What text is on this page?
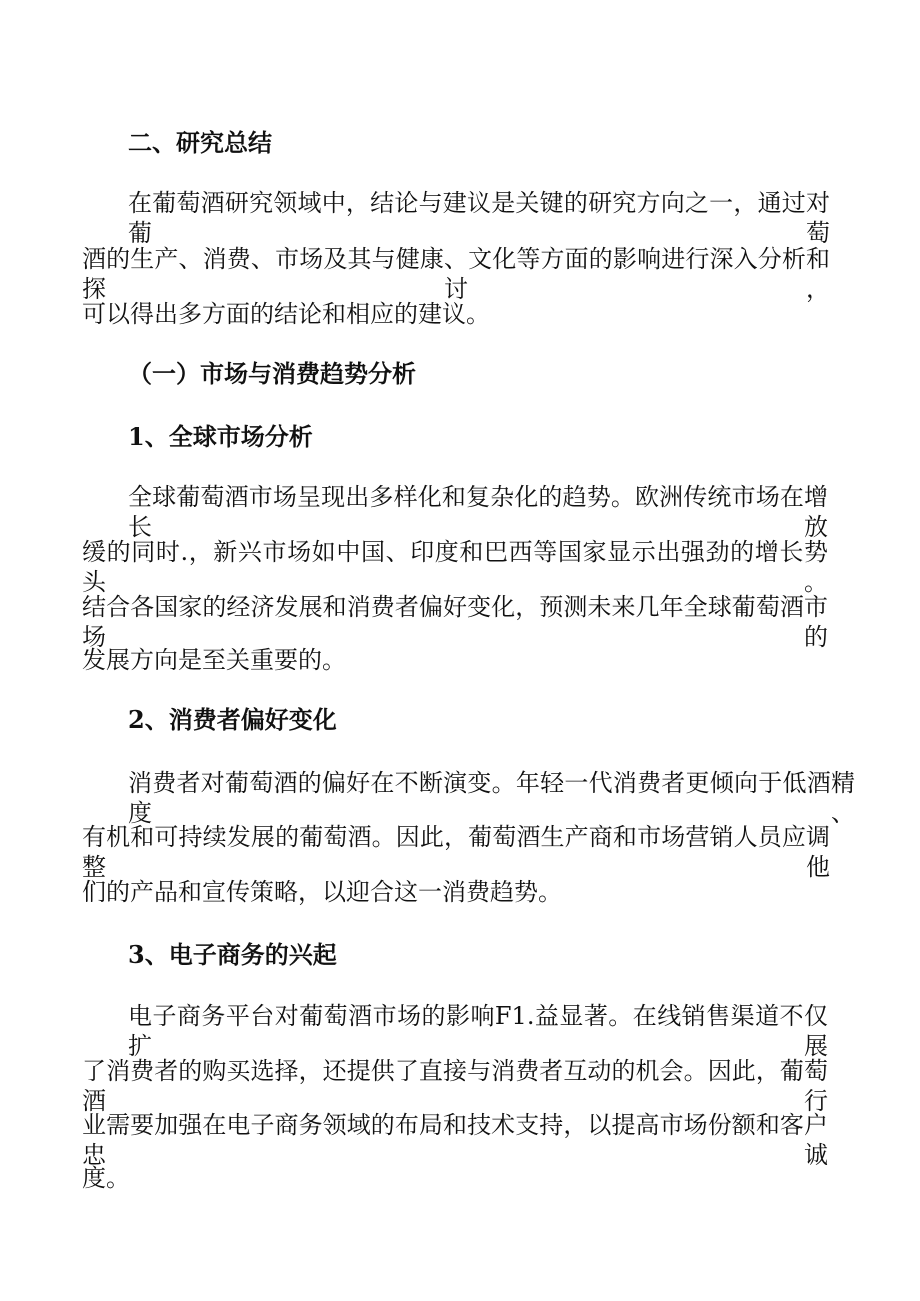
二、研究总结

在葡萄酒研究领域中，结论与建议是关键的研究方向之一，通过对葡萄

酒的生产、消费、市场及其与健康、文化等方面的影响进行深入分析和探讨，

可以得出多方面的结论和相应的建议。

（一）市场与消费趋势分析
1、全球市场分析

全球葡萄酒市场呈现出多样化和复杂化的趋势。欧洲传统市场在增长放

缓的同时.，新兴市场如中国、印度和巴西等国家显示出强劲的增长势头。

结合各国家的经济发展和消费者偏好变化，预测未来几年全球葡萄酒市场的

发展方向是至关重要的。

2、消费者偏好变化

消费者对葡萄酒的偏好在不断演变。年轻一代消费者更倾向于低酒精度、

有机和可持续发展的葡萄酒。因此，葡萄酒生产商和市场营销人员应调整他

们的产品和宣传策略，以迎合这一消费趋势。

3、电子商务的兴起

电子商务平台对葡萄酒市场的影响F1.益显著。在线销售渠道不仅扩展

了消费者的购买选择，还提供了直接与消费者互动的机会。因此，葡萄酒行

业需要加强在电子商务领域的布局和技术支持，以提高市场份额和客户忠诚

度。
